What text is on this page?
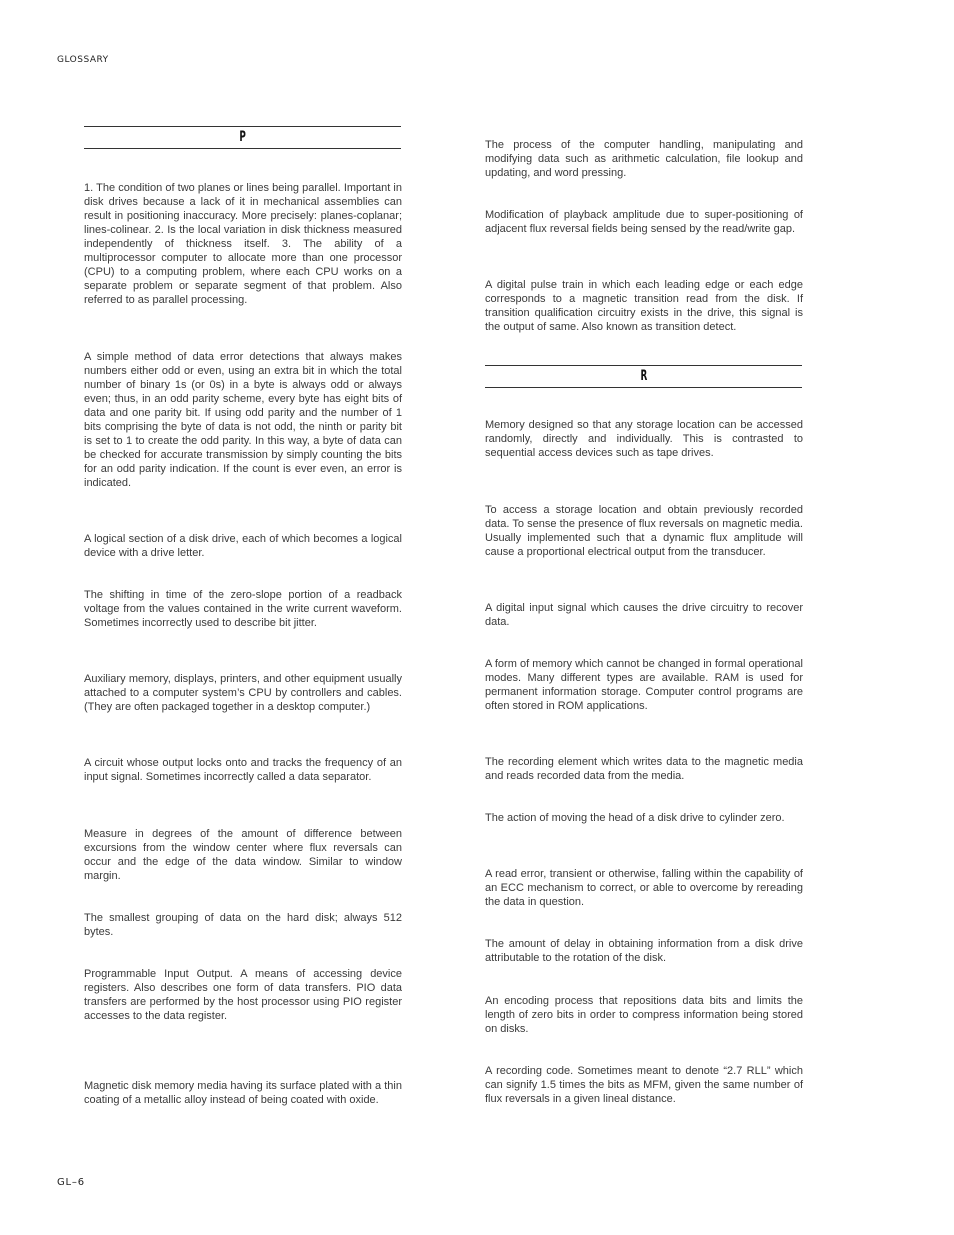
GLOSSARY
P

1. The condition of two planes or lines being parallel. Important in disk drives because a lack of it in mechanical assemblies can result in positioning inaccuracy. More precisely: planes-coplanar; lines-colinear. 2. Is the local variation in disk thickness measured independently of thickness itself. 3. The ability of a multiprocessor computer to allocate more than one processor (CPU) to a computing problem, where each CPU works on a separate problem or separate segment of that problem. Also referred to as parallel processing.

A simple method of data error detections that always makes numbers either odd or even, using an extra bit in which the total number of binary 1s (or 0s) in a byte is always odd or always even; thus, in an odd parity scheme, every byte has eight bits of data and one parity bit. If using odd parity and the number of 1 bits comprising the byte of data is not odd, the ninth or parity bit is set to 1 to create the odd parity. In this way, a byte of data can be checked for accurate transmission by simply counting the bits for an odd parity indication. If the count is ever even, an error is indicated.

A logical section of a disk drive, each of which becomes a logical device with a drive letter.

The shifting in time of the zero-slope portion of a readback voltage from the values contained in the write current waveform. Sometimes incorrectly used to describe bit jitter.

Auxiliary memory, displays, printers, and other equipment usually attached to a computer system’s CPU by controllers and cables. (They are often packaged together in a desktop computer.)

A circuit whose output locks onto and tracks the frequency of an input signal. Sometimes incorrectly called a data separator.

Measure in degrees of the amount of difference between excursions from the window center where flux reversals can occur and the edge of the data window. Similar to window margin.

The smallest grouping of data on the hard disk; always 512 bytes.

Programmable Input Output. A means of accessing device registers. Also describes one form of data transfers. PIO data transfers are performed by the host processor using PIO register accesses to the data register.

Magnetic disk memory media having its surface plated with a thin coating of a metallic alloy instead of being coated with oxide.

The process of the computer handling, manipulating and modifying data such as arithmetic calculation, file lookup and updating, and word pressing.

Modification of playback amplitude due to super-positioning of adjacent flux reversal fields being sensed by the read/write gap.

A digital pulse train in which each leading edge or each edge corresponds to a magnetic transition read from the disk. If transition qualification circuitry exists in the drive, this signal is the output of same. Also known as transition detect.

R

Memory designed so that any storage location can be accessed randomly, directly and individually. This is contrasted to sequential access devices such as tape drives.

To access a storage location and obtain previously recorded data. To sense the presence of flux reversals on magnetic media. Usually implemented such that a dynamic flux amplitude will cause a proportional electrical output from the transducer.

A digital input signal which causes the drive circuitry to recover data.

A form of memory which cannot be changed in formal operational modes. Many different types are available. RAM is used for permanent information storage. Computer control programs are often stored in ROM applications.

The recording element which writes data to the magnetic media and reads recorded data from the media.

The action of moving the head of a disk drive to cylinder zero.

A read error, transient or otherwise, falling within the capability of an ECC mechanism to correct, or able to overcome by rereading the data in question.

The amount of delay in obtaining information from a disk drive attributable to the rotation of the disk.

An encoding process that repositions data bits and limits the length of zero bits in order to compress information being stored on disks.

A recording code. Sometimes meant to denote “2.7 RLL” which can signify 1.5 times the bits as MFM, given the same number of flux reversals in a given lineal distance.

GL–6
